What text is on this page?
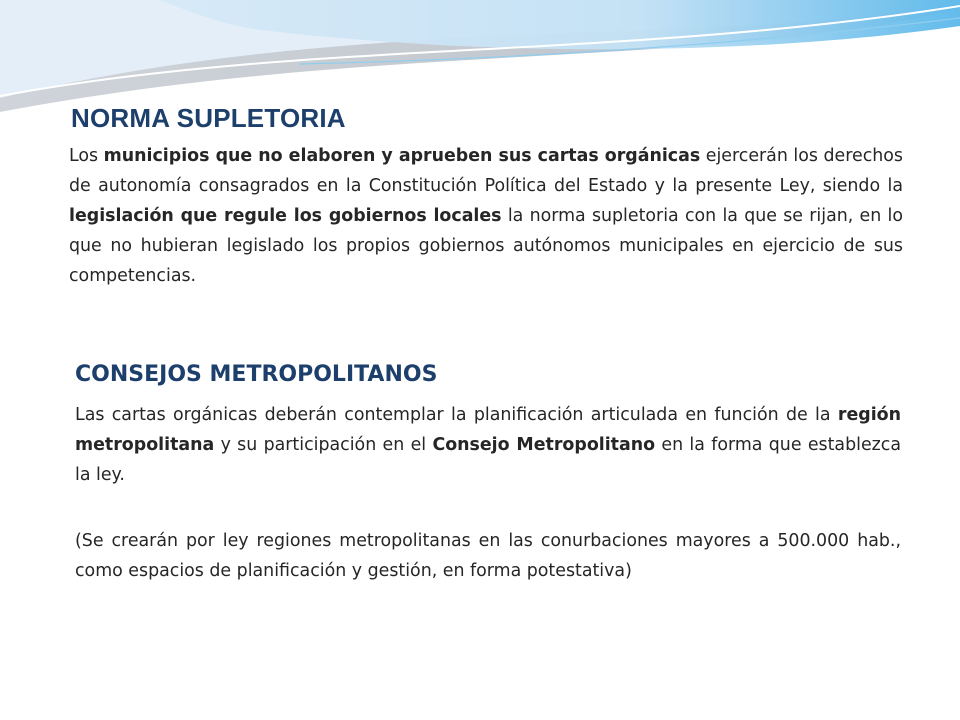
NORMA SUPLETORIA

Los municipios que no elaboren y aprueben sus cartas orgánicas ejercerán los derechos de autonomía consagrados en la Constitución Política del Estado y la presente Ley, siendo la legislación que regule los gobiernos locales la norma supletoria con la que se rijan, en lo que no hubieran legislado los propios gobiernos autónomos municipales en ejercicio de sus competencias.

CONSEJOS METROPOLITANOS

Las cartas orgánicas deberán contemplar la planificación articulada en función de la región metropolitana y su participación en el Consejo Metropolitano en la forma que establezca la ley.

(Se crearán por ley regiones metropolitanas en las conurbaciones mayores a 500.000 hab., como espacios de planificación y gestión, en forma potestativa)
